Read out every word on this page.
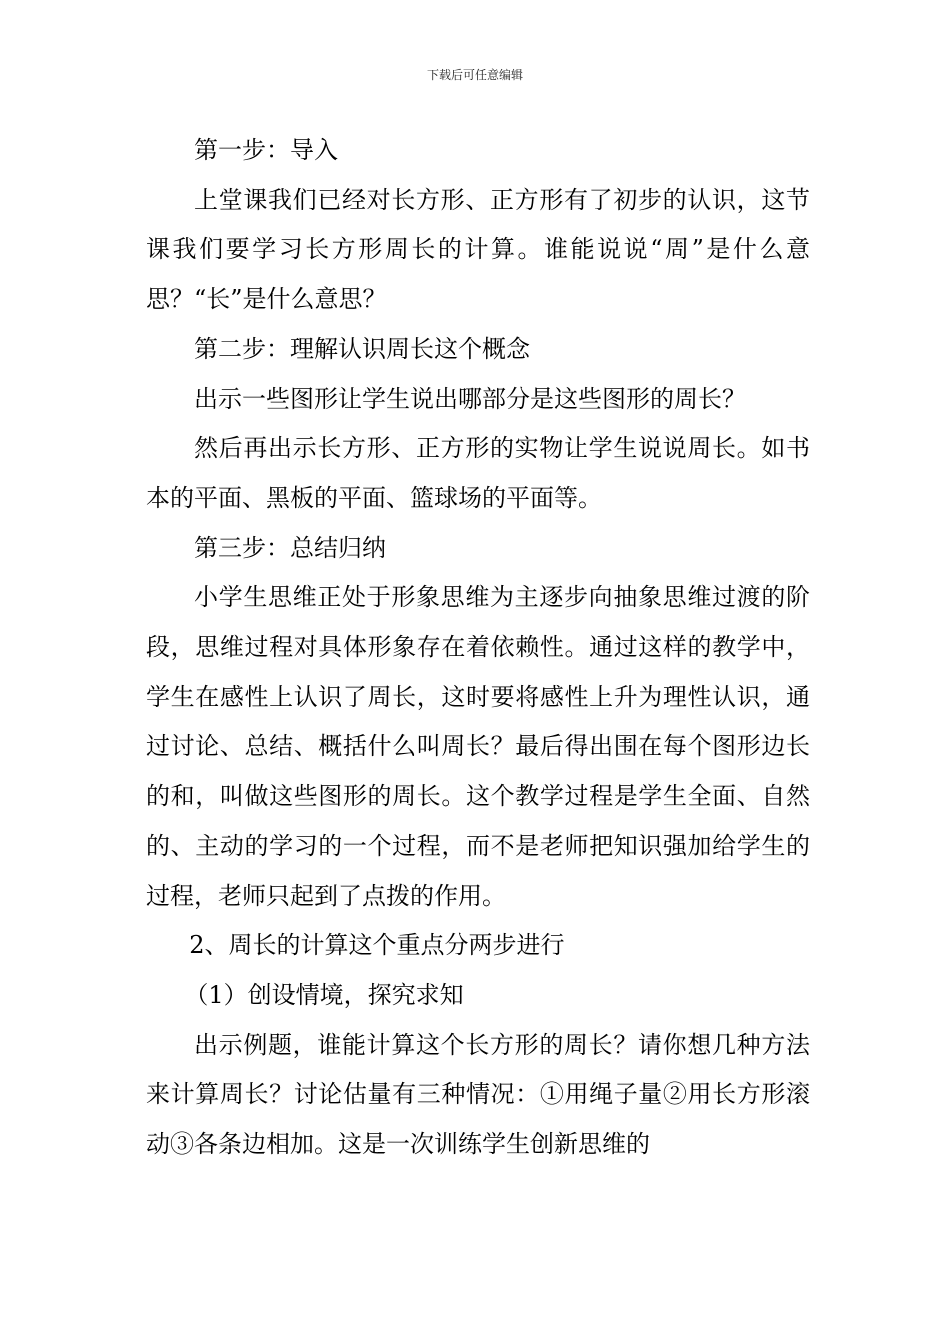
下载后可任意编辑

第一步：导入

上堂课我们已经对长方形、正方形有了初步的认识，这节课我们要学习长方形周长的计算。谁能说说“周”是什么意思？“长”是什么意思？

第二步：理解认识周长这个概念

出示一些图形让学生说出哪部分是这些图形的周长？

然后再出示长方形、正方形的实物让学生说说周长。如书本的平面、黑板的平面、篮球场的平面等。

第三步：总结归纳

小学生思维正处于形象思维为主逐步向抽象思维过渡的阶段，思维过程对具体形象存在着依赖性。通过这样的教学中，学生在感性上认识了周长，这时要将感性上升为理性认识，通过讨论、总结、概括什么叫周长？最后得出围在每个图形边长的和，叫做这些图形的周长。这个教学过程是学生全面、自然的、主动的学习的一个过程，而不是老师把知识强加给学生的过程，老师只起到了点拨的作用。

2、周长的计算这个重点分两步进行

（1）创设情境，探究求知

出示例题，谁能计算这个长方形的周长？请你想几种方法来计算周长？讨论估量有三种情况：①用绳子量②用长方形滚动③各条边相加。这是一次训练学生创新思维的
